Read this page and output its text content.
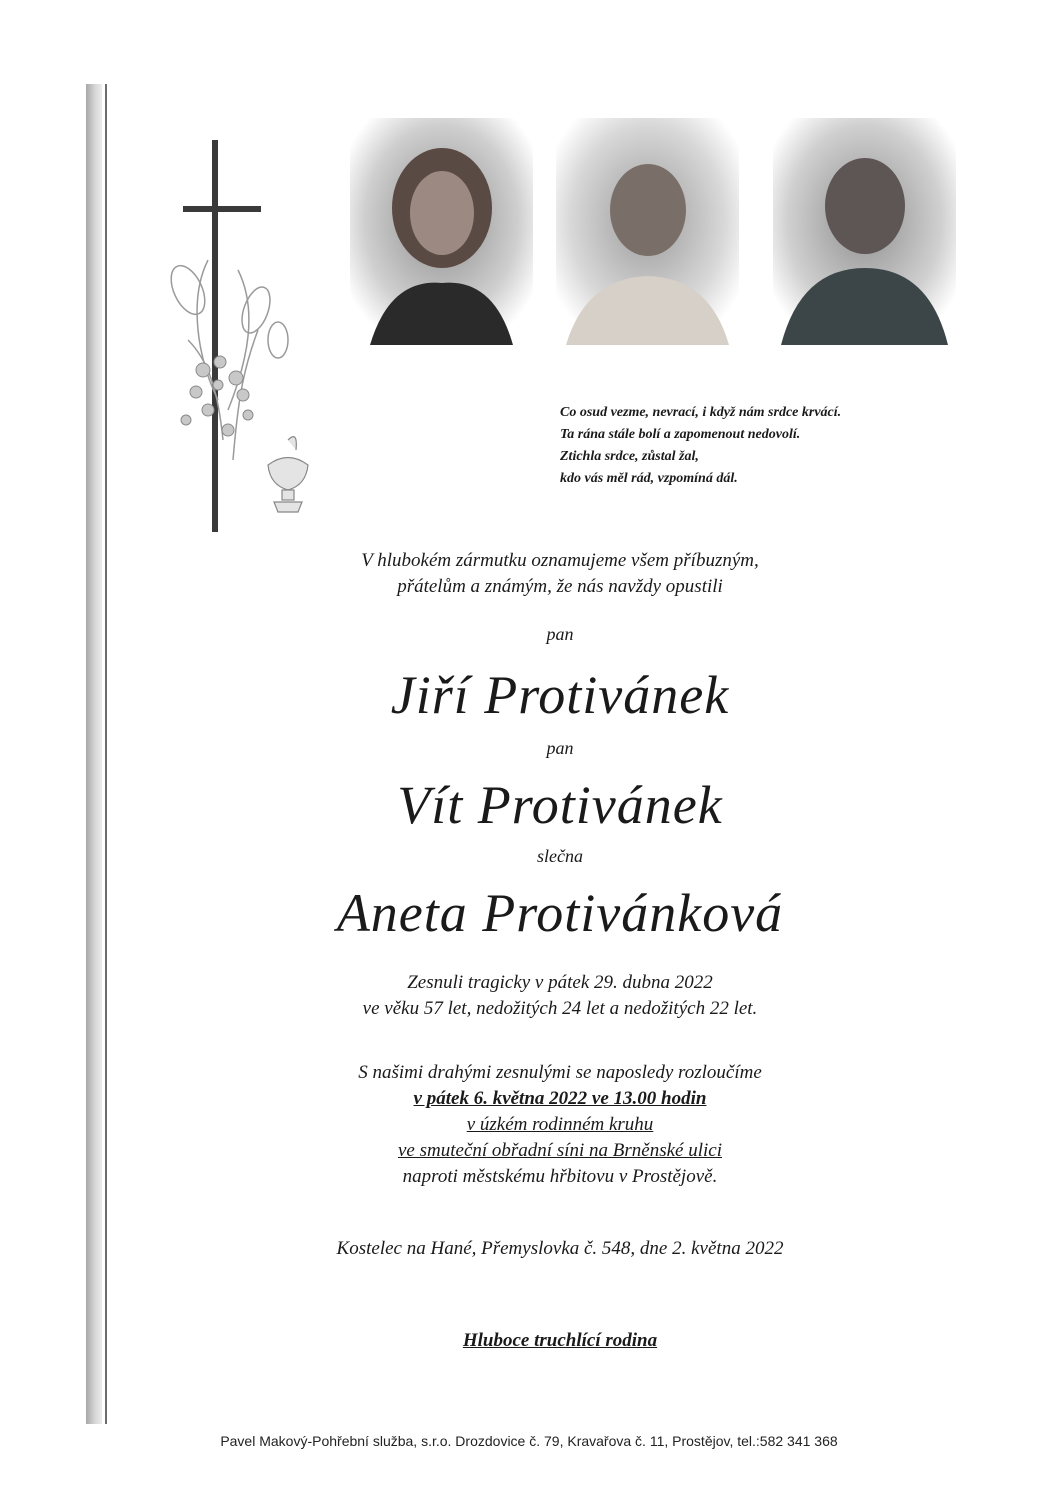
Co osud vezme, nevrací, i když nám srdce krvácí.
Ta rána stále bolí a zapomenout nedovolí.
Ztichla srdce, zůstal žal,
kdo vás měl rád, vzpomíná dál.
V hlubokém zármutku oznamujeme všem příbuzným,
přátelům a známým, že nás navždy opustili
pan
Jiří Protivánek
pan
Vít Protivánek
slečna
Aneta Protivánková
Zesnuli tragicky v pátek 29. dubna 2022
ve věku 57 let, nedožitých 24 let a nedožitých 22 let.
S našimi drahými zesnulými se naposledy rozloučíme
v pátek 6. května 2022 ve 13.00 hodin
v úzkém rodinném kruhu
ve smuteční obřadní síni na Brněnské ulici
naproti městskému hřbitovu v Prostějově.
Kostelec na Hané, Přemyslovka č. 548, dne 2. května 2022
Hluboce truchlící rodina
Pavel Makový-Pohřební služba, s.r.o. Drozdovice č. 79, Kravařova č. 11, Prostějov, tel.:582 341 368
